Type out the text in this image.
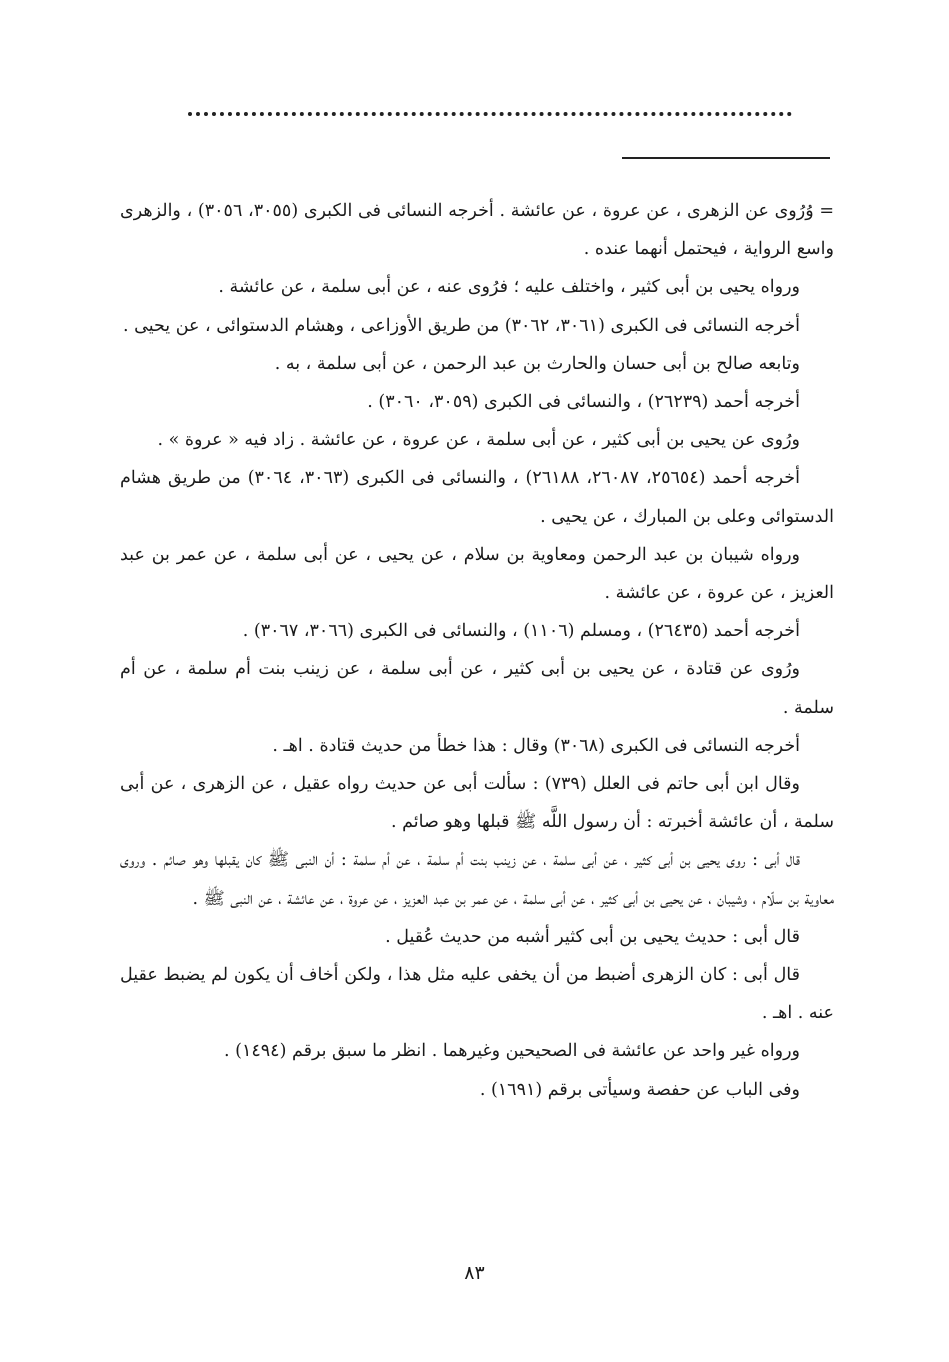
= وُرُوى عن الزهرى ، عن عروة ، عن عائشة . أخرجه النسائى فى الكبرى (٣٠٥٥، ٣٠٥٦) ، والزهرى واسع الرواية ، فيحتمل أنهما عنده .

ورواه يحيى بن أبى كثير ، واختلف عليه ؛ فرُوى عنه ، عن أبى سلمة ، عن عائشة .

أخرجه النسائى فى الكبرى (٣٠٦١، ٣٠٦٢) من طريق الأوزاعى ، وهشام الدستوائى ، عن يحيى .

وتابعه صالح بن أبى حسان والحارث بن عبد الرحمن ، عن أبى سلمة ، به .

أخرجه أحمد (٢٦٢٣٩) ، والنسائى فى الكبرى (٣٠٥٩، ٣٠٦٠) .

ورُوى عن يحيى بن أبى كثير ، عن أبى سلمة ، عن عروة ، عن عائشة . زاد فيه « عروة » .

أخرجه أحمد (٢٥٦٥٤، ٢٦٠٨٧، ٢٦١٨٨) ، والنسائى فى الكبرى (٣٠٦٣، ٣٠٦٤) من طريق هشام الدستوائى وعلى بن المبارك ، عن يحيى .

ورواه شيبان بن عبد الرحمن ومعاوية بن سلام ، عن يحيى ، عن أبى سلمة ، عن عمر بن عبد العزيز ، عن عروة ، عن عائشة .

أخرجه أحمد (٢٦٤٣٥) ، ومسلم (١١٠٦) ، والنسائى فى الكبرى (٣٠٦٦، ٣٠٦٧) .

ورُوى عن قتادة ، عن يحيى بن أبى كثير ، عن أبى سلمة ، عن زينب بنت أم سلمة ، عن أم سلمة .

أخرجه النسائى فى الكبرى (٣٠٦٨) وقال : هذا خطأ من حديث قتادة . اهـ .

وقال ابن أبى حاتم فى العلل (٧٣٩) : سألت أبى عن حديث رواه عقيل ، عن الزهرى ، عن أبى سلمة ، أن عائشة أخبرته : أن رسول اللَّه ﷺ قبلها وهو صائم .

قال أبى : روى يحيى بن أبى كثير ، عن أبى سلمة ، عن زينب بنت أم سلمة ، عن أم سلمة : أن النبى ﷺ كان يقبلها وهو صائم . وروى معاوية بن سلّام ، وشيبان ، عن يحيى بن أبى كثير ، عن أبى سلمة ، عن عمر بن عبد العزيز ، عن عروة ، عن عائشة ، عن النبى ﷺ .

قال أبى : حديث يحيى بن أبى كثير أشبه من حديث عُقيل .

قال أبى : كان الزهرى أضبط من أن يخفى عليه مثل هذا ، ولكن أخاف أن يكون لم يضبط عقيل عنه . اهـ .

ورواه غير واحد عن عائشة فى الصحيحين وغيرهما . انظر ما سبق برقم (١٤٩٤) .

وفى الباب عن حفصة وسيأتى برقم (١٦٩١) .

٨٣
